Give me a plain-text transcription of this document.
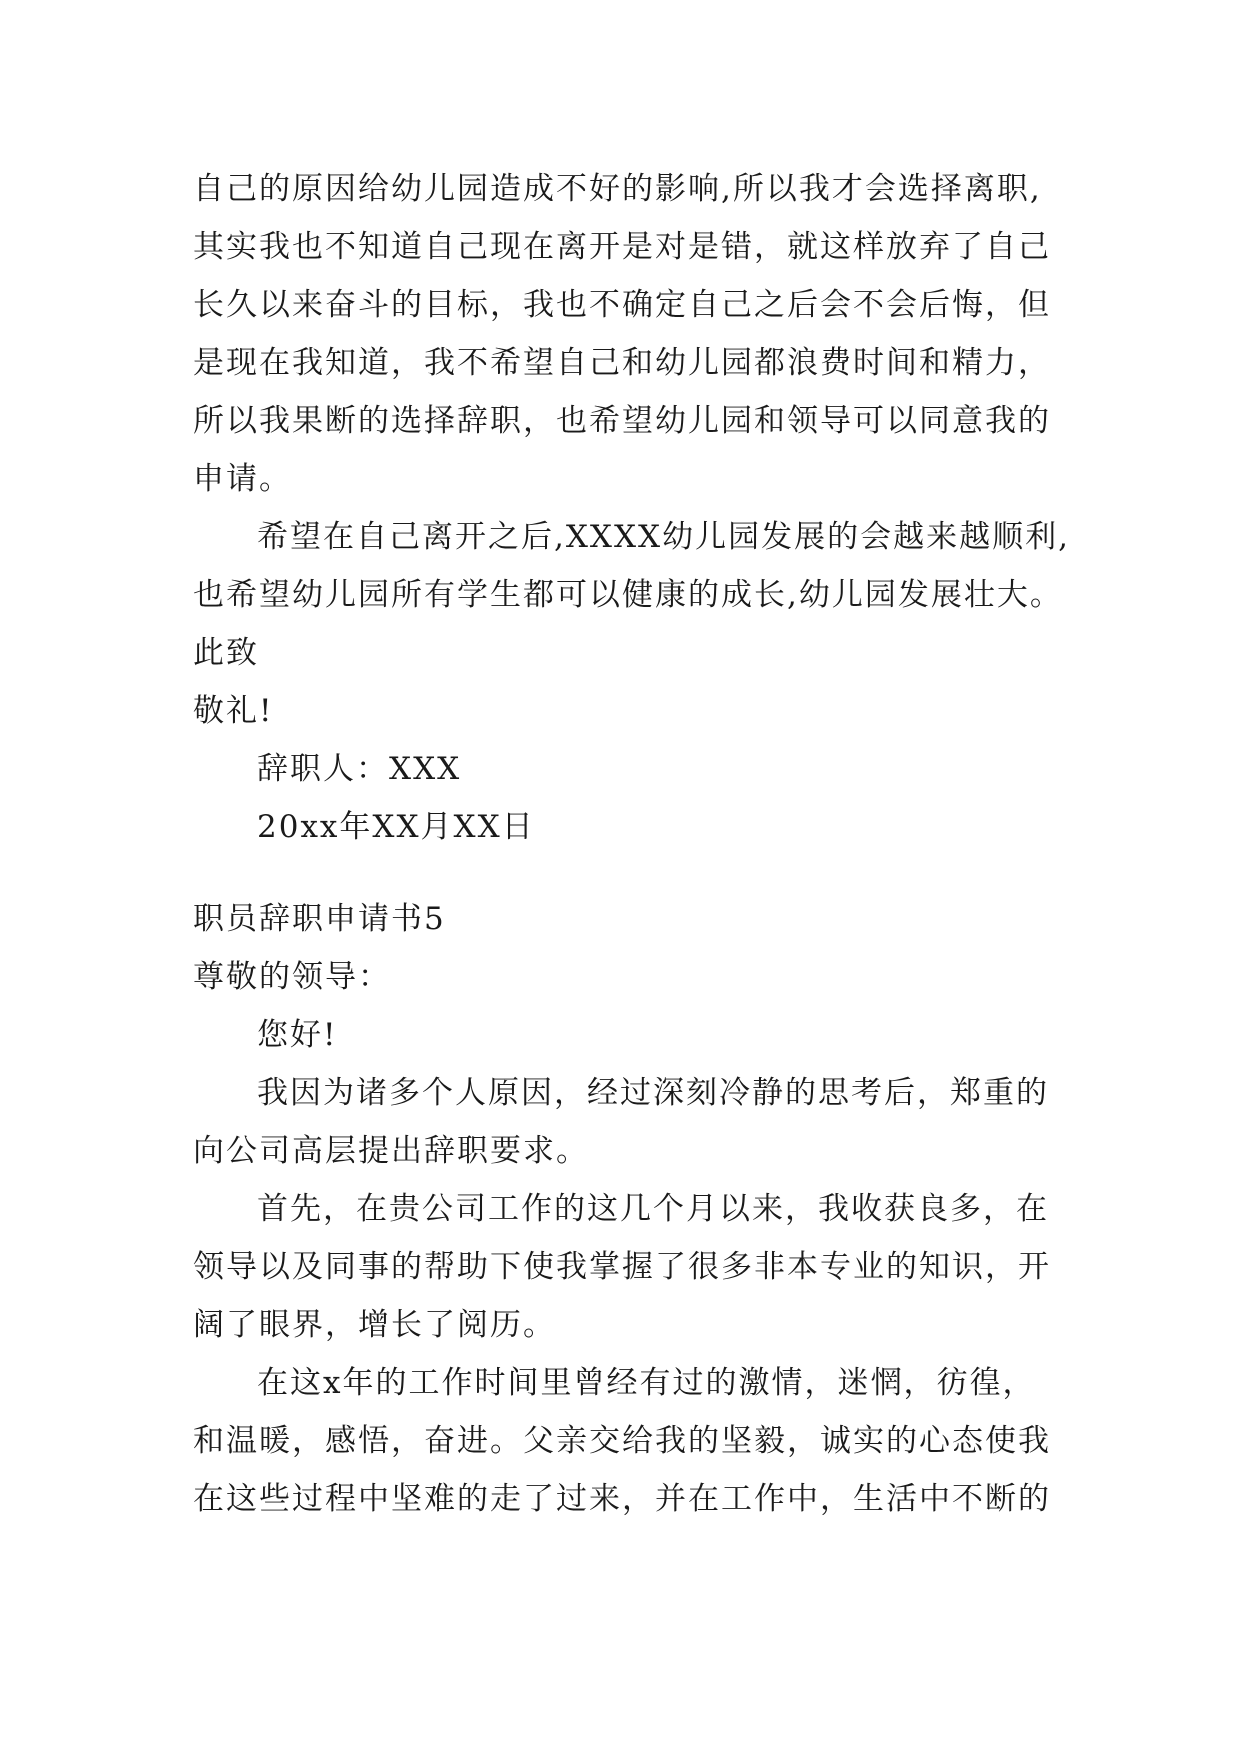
自己的原因给幼儿园造成不好的影响,所以我才会选择离职,
其实我也不知道自己现在离开是对是错，就这样放弃了自己
长久以来奋斗的目标，我也不确定自己之后会不会后悔，但
是现在我知道，我不希望自己和幼儿园都浪费时间和精力，
所以我果断的选择辞职，也希望幼儿园和领导可以同意我的
申请。
希望在自己离开之后,XXXX幼儿园发展的会越来越顺利,
也希望幼儿园所有学生都可以健康的成长,幼儿园发展壮大。
此致
敬礼!
辞职人：XXX
20xx年XX月XX日
职员辞职申请书5
尊敬的领导：
您好!
我因为诸多个人原因，经过深刻冷静的思考后，郑重的
向公司高层提出辞职要求。
首先，在贵公司工作的这几个月以来，我收获良多，在
领导以及同事的帮助下使我掌握了很多非本专业的知识，开
阔了眼界，增长了阅历。
在这x年的工作时间里曾经有过的激情，迷惘，彷徨，
和温暖，感悟，奋进。父亲交给我的坚毅，诚实的心态使我
在这些过程中坚难的走了过来，并在工作中，生活中不断的
